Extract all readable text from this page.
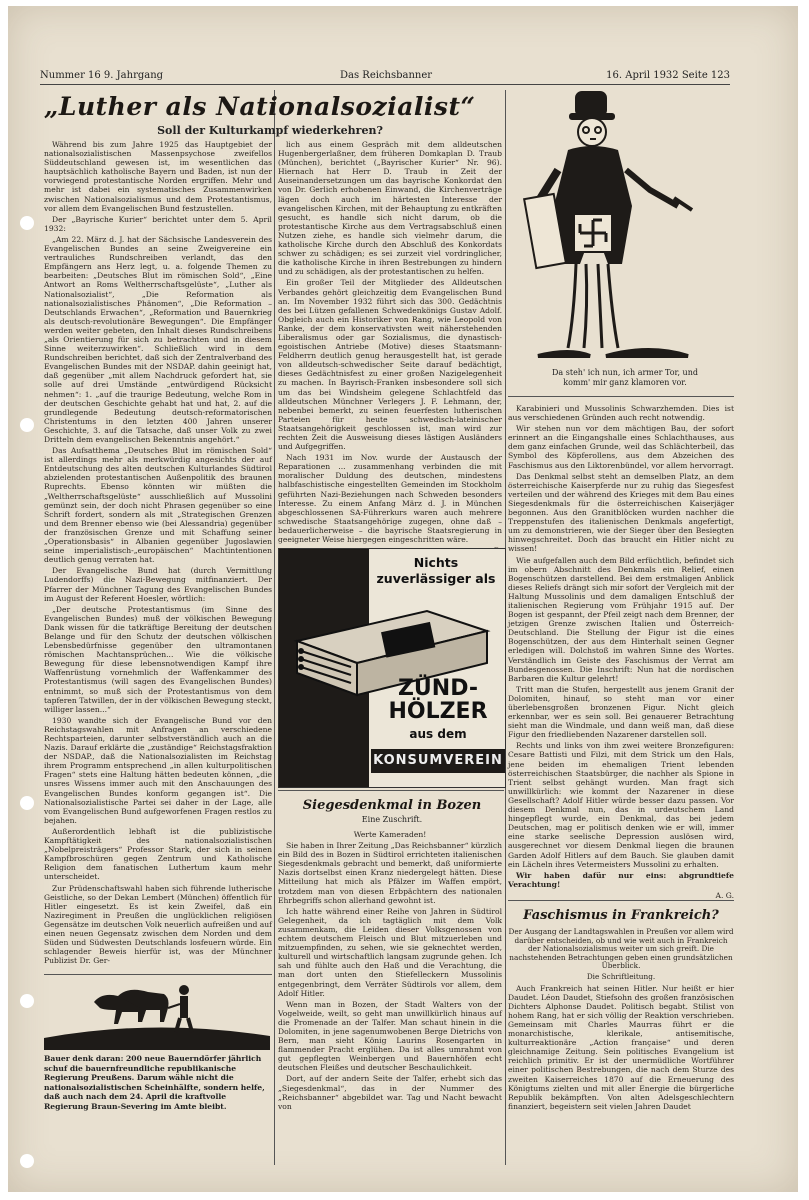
Nummer 16 9. Jahrgang	Das Reichsbanner	16. April 1932 Seite 123
„Luther als Nationalsozialist“
Soll der Kulturkampf wiederkehren?

Während bis zum Jahre 1925 das Hauptgebiet der nationalsozialistischen Massenpsychose zweifellos Süddeutschland gewesen ist, im wesentlichen das hauptsächlich katholische Bayern und Baden, ist nun der vorwiegend protestantische Norden ergriffen. Mehr und mehr ist dabei ein systematisches Zusammenwirken zwischen Nationalsozialismus und dem Protestantismus, vor allem dem Evangelischen Bund festzustellen.

Der „Bayrische Kurier“ berichtet unter dem 5. April 1932:

„Am 22. März d. J. hat der Sächsische Landesverein des Evangelischen Bundes an seine Zweigvereine ein vertrauliches Rundschreiben verlandt, das den Empfängern ans Herz legt, u. a. folgende Themen zu bearbeiten: „Deutsches Blut im römischen Sold“, „Eine Antwort an Roms Weltherrschaftsgelüste“, „Luther als Nationalsozialist“, „Die Reformation als nationalsozialistisches Phänomen“, „Die Reformation – Deutschlands Erwachen“, „Reformation und Bauernkrieg als deutsch-revolutionäre Bewegungen“. Die Empfänger werden weiter gebeten, den Inhalt dieses Rundschreibens „als Orientierung für sich zu betrachten und in diesem Sinne weiterzuwirken“. Schließlich wird in dem Rundschreiben berichtet, daß sich der Zentralverband des Evangelischen Bundes mit der NSDAP. dahin geeinigt hat, daß gegenüber „mit allem Nachdruck gefordert hat, sie solle auf drei Umstände „entwürdigend Rücksicht nehmen“: 1. „auf die traurige Bedeutung, welche Rom in der deutschen Geschichte gehabt hat und hat, 2. auf die grundlegende Bedeutung deutsch-reformatorischen Christentums in den letzten 400 Jahren unserer Geschichte, 3. auf die Tatsache, daß unser Volk zu zwei Dritteln dem evangelischen Bekenntnis angehört.“

Das Aufsatthema „Deutsches Blut im römischen Sold“ ist allerdings mehr als merkwürdig angesichts der auf Entdeutschung des alten deutschen Kulturlandes Südtirol abzielenden protestantischen Außenpolitik des braunen Ruprechts. Ebenso könnten wir müßten die „Weltherrschaftsgelüste“ ausschließlich auf Mussolini gemünzt sein, der doch nicht Phrasen gegenüber so eine Schrift fordert, sondern als mit „Strategischen Grenzen und dem Brenner ebenso wie (bei Alessandria) gegenüber der französischen Grenze und mit Schaffung seiner „Operationsbasis“ in Albanien gegenüber Jugoslawien seine imperialistisch-„europäischen“ Machtintentionen deutlich genug verraten hat.

Der Evangelische Bund hat (durch Vermittlung Ludendorffs) die Nazi-Bewegung mitfinanziert. Der Pfarrer der Münchner Tagung des Evangelischen Bundes im August der Referent Hoesler, wörtlich:

„Der deutsche Protestantismus (im Sinne des Evangelischen Bundes) muß der völkischen Bewegung Dank wissen für die tatkräftige Bereitung der deutschen Belange und für den Schutz der deutschen völkischen Lebensbedürfnisse gegenüber den ultramontanen römischen Machtansprüchen... Wie die völkische Bewegung für diese lebensnotwendigen Kampf ihre Waffenrüstung vornehmlich der Waffenkammer des Protestantismus (will sagen des Evangelischen Bundes) entnimmt, so muß sich der Protestantismus von dem tapferen Tatwillen, der in der völkischen Bewegung steckt, williger lassen...“

1930 wandte sich der Evangelische Bund vor den Reichstagswahlen mit Anfragen an verschiedene Rechtsparteien, darunter selbstverständlich auch an die Nazis. Darauf erklärte die „zuständige“ Reichstagsfraktion der NSDAP., daß die Nationalsozialisten im Reichstag ihrem Programm entsprechend „in allen kulturpolitischen Fragen“ stets eine Haltung hätten bedeuten können, „die unsres Wissens immer auch mit den Anschauungen des Evangelischen Bundes konform gegangen ist“. Die Nationalsozialistische Partei sei daher in der Lage, alle vom Evangelischen Bund aufgeworfenen Fragen restlos zu bejahen.

Außerordentlich lebhaft ist die publizistische Kampftätigkeit des nationalsozialistischen „Nobelpreisträgers“ Professor Stark, der sich in seinen Kampfbroschüren gegen Zentrum und Katholische Religion dem fanatischen Luthertum kaum mehr unterscheidet.

Zur Prüdenschaftswahl haben sich führende lutherische Geistliche, so der Dekan Lembert (München) öffentlich für Hitler eingesetzt. Es ist kein Zweifel, daß ein Naziregiment in Preußen die unglücklichen religiösen Gegensätze im deutschen Volk neuerlich aufreißen und auf einen neuen Gegensatz zwischen dem Norden und dem Süden und Südwesten Deutschlands losfeuern würde. Ein schlagender Beweis hierfür ist, was der Münchner Publizist Dr. Ger-

lich aus einem Gespräch mit dem alldeutschen Hugenbergerlaßner, dem früheren Domkaplan D. Traub (München), berichtet („Bayrischer Kurier“ Nr. 96). Hiernach hat Herr D. Traub in Zeit der Auseinandersetzungen um das bayrische Konkordat den von Dr. Gerlich erhobenen Einwand, die Kirchenverträge lägen doch auch im härtesten Interesse der evangelischen Kirchen, mit der Behauptung zu entkräften gesucht, es handle sich nicht darum, ob die protestantische Kirche aus dem Vertragsabschluß einen Nutzen ziehe, es handle sich vielmehr darum, die katholische Kirche durch den Abschluß des Konkordats schwer zu schädigen; es sei zurzeit viel vordringlicher, die katholische Kirche in ihren Bestrebungen zu hindern und zu schädigen, als der protestantischen zu helfen.

Ein großer Teil der Mitglieder des Alldeutschen Verbandes gehört gleichzeitig dem Evangelischen Bund an. Im November 1932 führt sich das 300. Gedächtnis des bei Lützen gefallenen Schwedenkönigs Gustav Adolf. Obgleich auch ein Historiker von Rang, wie Leopold von Ranke, der dem konservativsten weit näherstehenden Liberalismus oder gar Sozialismus, die dynastisch-egoistischen Antriebe (Motive) dieses Staatsmann-Feldherrn deutlich genug herausgestellt hat, ist gerade von alldeutsch-schwedischer Seite darauf bedächtigt, dieses Gedächtnisfest zu einer großen Nazigelegenheit zu machen. In Bayrisch-Franken insbesondere soll sich um das bei Windsheim gelegene Schlachtfeld das alldeutschen Münchner Verlegers J. F. Lehmann, der, nebenbei bemerkt, zu seinen feuerfesten lutherischen Parteien für heute schwedisch-lateinischer Staatsangehörigkeit geschlossen ist, man wird zur rechten Zeit die Ausweisung dieses lästigen Ausländers und Aufgegriffen.

Nach 1931 im Nov. wurde der Austausch der Reparationen ... zusammenhang verbinden die mit moralischer Duldung des deutschen, mindestens halbfaschistische eingestellten Gemeinden im Stockholm geführten Nazi-Beziehungen nach Schweden besonders Interesse. Zu einem Anfang März d. J. in München abgeschlossenen SA-Führerkurs waren auch mehrere schwedische Staatsangehörige zugegen, ohne daß – bedauerlicherweise – die bayrische Staatsregierung in geeigneter Weise hiergegen eingeschritten wäre.

Da steh' ich nun, ich armer Tor, und komm' mir ganz klamoren vor.

Karabinieri und Mussolinis Schwarzhemden. Dies ist aus verschiedenen Gründen auch recht notwendig.

Wir stehen nun vor dem mächtigen Bau, der sofort erinnert an die Eingangshalle eines Schlachthauses, aus dem ganz einfachen Grunde, weil das Schlächterbeil, das Symbol des Köpferollens, aus dem Abzeichen des Faschismus aus den Liktorenbündel, vor allem hervorragt.

Das Denkmal selbst steht an demselben Platz, an dem österreichische Kaiserpferde nur zu ruhig das Siegesfest verteilen und der während des Krieges mit dem Bau eines Siegesdenkmals für die österreichischen Kaiserjäger begonnen. Aus den Granitblöcken wurden nachher die Treppenstufen des italienischen Denkmals angefertigt, um zu demonstrieren, wie der Sieger über den Besiegten hinwegschreitet. Doch das braucht ein Hitler nicht zu wissen!

Wie aufgefallen auch dem Bild erfüchtlich, befindet sich im obern Abschnitt des Denkmals ein Relief, einen Bogenschützen darstellend. Bei dem erstmaligen Anblick dieses Reliefs drängt sich mir sofort der Vergleich mit der Haltung Mussolinis und dem damaligen Entschluß der italienischen Regierung vom Frühjahr 1915 auf. Der Bogen ist gespannt, der Pfeil zeigt nach dem Brenner, der jetzigen Grenze zwischen Italien und Österreich-Deutschland. Die Stellung der Figur ist die eines Bogenschützen, der aus dem Hinterhalt seinen Gegner erledigen will. Dolchstoß im wahren Sinne des Wortes. Verständlich im Geiste des Faschismus der Verrat am Bundesgenossen. Die Inschrift: Nun hat die nordischen Barbaren die Kultur gelehrt!

Tritt man die Stufen, hergestellt aus jenem Granit der Dolomiten, hinauf, so steht man vor einer überlebensgroßen bronzenen Figur. Nicht gleich erkennbar, wer es sein soll. Bei genauerer Betrachtung sieht man die Windmale, und dann weiß man, daß diese Figur den friedliebenden Nazarener darstellen soll.

Rechts und links von ihm zwei weitere Bronzefiguren: Cesare Battisti und Filzi, mit dem Strick um den Hals, jene beiden im ehemaligen Trient lebenden österreichischen Staatsbürger, die nachher als Spione in Trient selbst gehängt wurden. Man fragt sich unwillkürlich: wie kommt der Nazarener in diese Gesellschaft? Adolf Hitler würde besser dazu passen. Vor diesem Denkmal nun, das in urdeutschem Land hingepflegt wurde, ein Denkmal, das bei jedem Deutschen, mag er politisch denken wie er will, immer eine starke seelische Depression auslösen wird, ausgerechnet vor diesem Denkmal liegen die braunen Garden Adolf Hitlers auf dem Bauch. Sie glauben damit ein Lächeln ihres Vetermeisters Mussolini zu erhalten.

Wir haben dafür nur eins: abgrundtiefe Verachtung!

A. G.

Faschismus in Frankreich?

Der Ausgang der Landtagswahlen in Preußen vor allem wird darüber entscheiden, ob und wie weit auch in Frankreich der Nationalsozialismus weiter um sich greift. Die nachstehenden Betrachtungen geben einen grundsätzlichen Überblick.

Die Schriftleitung.

Auch Frankreich hat seinen Hitler. Nur heißt er hier Daudet. Léon Daudet, Stiefsohn des großen französischen Dichters Alphonse Daudet. Politisch begabt. Stilist von hohem Rang, hat er sich völlig der Reaktion verschrieben. Gemeinsam mit Charles Maurras führt er die monarchistische, klerikale, antisemitische, kulturreaktionäre „Action française“ und deren gleichnamige Zeitung. Sein politisches Evangelium ist reichlich primitiv. Er ist der unermüdliche Wortführer einer politischen Bestrebungen, die nach dem Sturze des zweiten Kaiserreiches 1870 auf die Erneuerung des Königtums zielten und mit aller Energie die bürgerliche Republik bekämpften. Von alten Adelsgeschlechtern finanziert, begeistern seit vielen Jahren Daudet

Nichts zuverlässiger als
ZÜND-
HÖLZER
aus dem
KONSUMVEREIN
Siegesdenkmal in Bozen
Eine Zuschrift.

Werte Kameraden!

Sie haben in Ihrer Zeitung „Das Reichsbanner“ kürzlich ein Bild des in Bozen in Südtirol errichteten italienischen Siegesdenkmals gebracht und bemerkt, daß uniformierte Nazis dortselbst einen Kranz niedergelegt hätten. Diese Mitteilung hat mich als Pfälzer im Waffen empört, trotzdem man von diesen Erbpächtern des nationalen Ehrbegriffs schon allerhand gewohnt ist.

Ich hatte während einer Reihe von Jahren in Südtirol Gelegenheit, da ich tagtäglich mit dem Volk zusammenkam, die Leiden dieser Volksgenossen von echtem deutschem Fleisch und Blut mitzuerleben und mitzuempfinden, zu sehen, wie sie geknechtet werden, kulturell und wirtschaftlich langsam zugrunde gehen. Ich sah und fühlte auch den Haß und die Verachtung, die man dort unten den Stiefelleckern Mussolinis entgegenbringt, dem Verräter Südtirols vor allem, dem Adolf Hitler.

Wenn man in Bozen, der Stadt Walters von der Vogelweide, weilt, so geht man unwillkürlich hinaus auf die Promenade an der Talfer. Man schaut hinein in die Dolomiten, in jene sagenumwobenen Berge Dietrichs von Bern, man sieht König Laurins Rosengarten in flammender Pracht erglühen. Da ist alles umrahmt von gut gepflegten Weinbergen und Bauernhöfen echt deutschen Fleißes und deutscher Beschaulichkeit.

Dort, auf der andern Seite der Talfer, erhebt sich das „Siegesdenkmal“, das in der Nummer des „Reichsbanner“ abgebildet war. Tag und Nacht bewacht von

Bauer denk daran: 200 neue Bauerndörfer jährlich schuf die bauernfreundliche republikanische Regierung Preußens. Darum wähle nicht die nationalsozialistischen Scheinhälfte, sondern helfe, daß auch nach dem 24. April die kraftvolle Regierung Braun-Severing im Amte bleibt.
